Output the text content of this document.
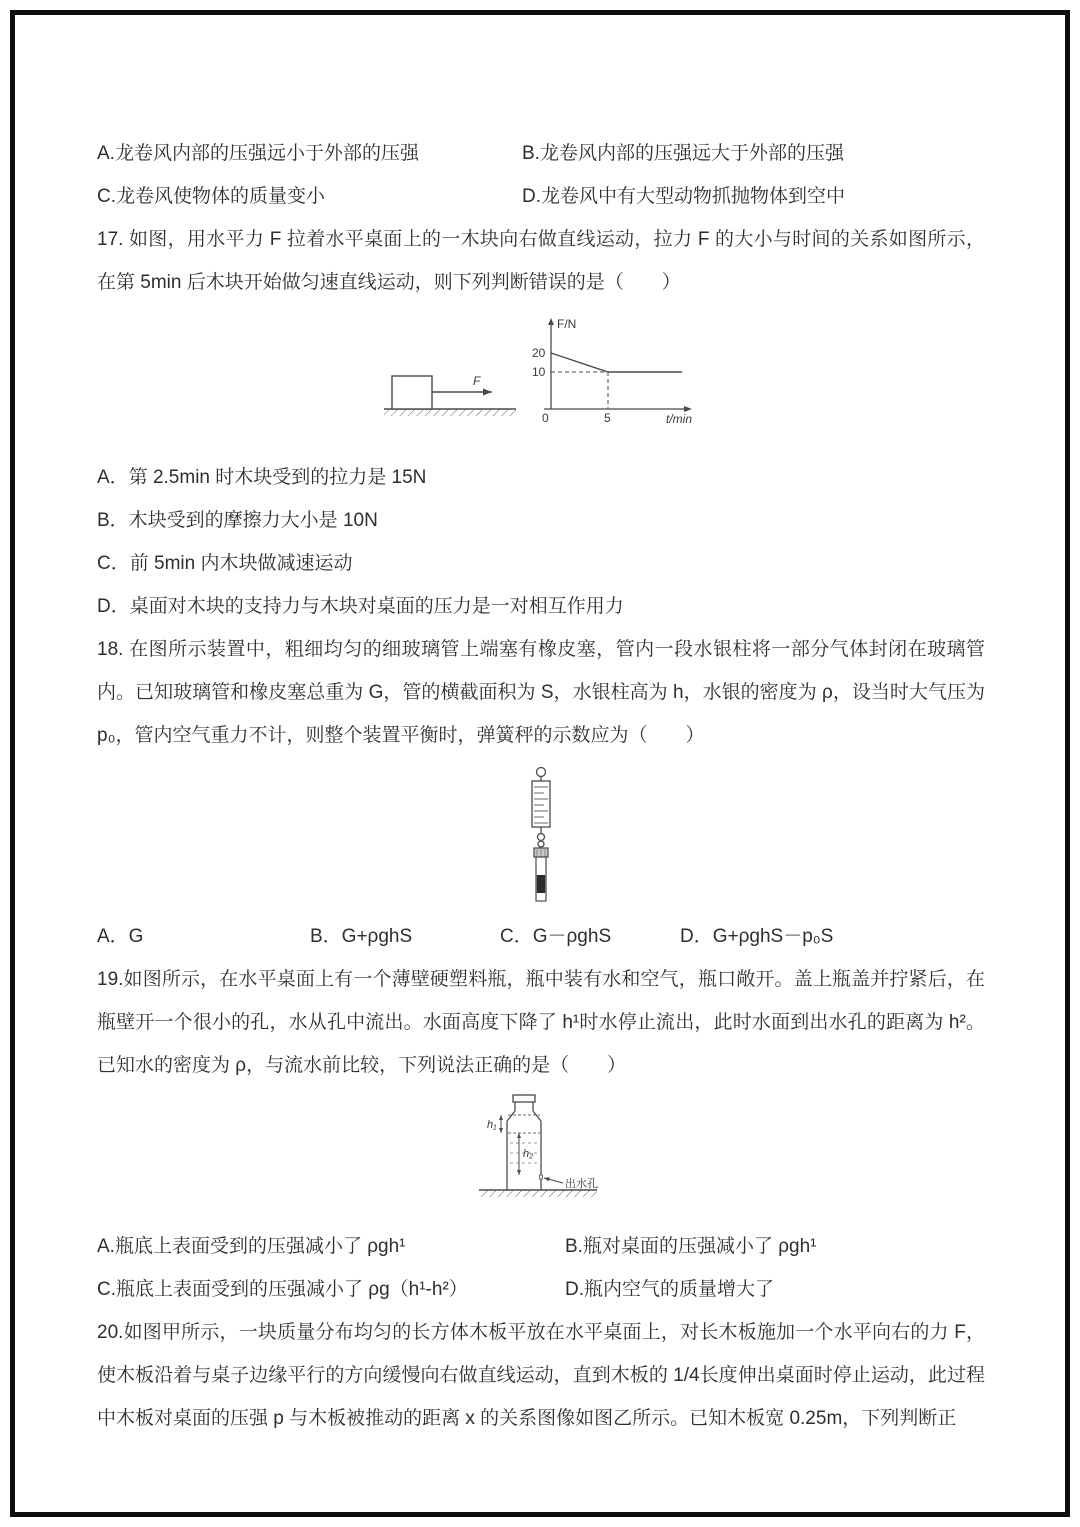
A.龙卷风内部的压强远小于外部的压强	B.龙卷风内部的压强远大于外部的压强

C.龙卷风使物体的质量变小	D.龙卷风中有大型动物抓抛物体到空中

17. 如图，用水平力 F 拉着水平桌面上的一木块向右做直线运动，拉力 F 的大小与时间的关系如图所示，在第 5min 后木块开始做匀速直线运动，则下列判断错误的是（　　）

F
F/N
20
10
0	5	t/min

A．第 2.5min 时木块受到的拉力是 15N

B．木块受到的摩擦力大小是 10N

C．前 5min 内木块做减速运动

D．桌面对木块的支持力与木块对桌面的压力是一对相互作用力

18. 在图所示装置中，粗细均匀的细玻璃管上端塞有橡皮塞，管内一段水银柱将一部分气体封闭在玻璃管内。已知玻璃管和橡皮塞总重为 G，管的横截面积为 S，水银柱高为 h，水银的密度为 ρ，设当时大气压为 p₀，管内空气重力不计，则整个装置平衡时，弹簧秤的示数应为（　　）

A．G	B．G+ρghS	C．G－ρghS	D．G+ρghS－p₀S

19.如图所示，在水平桌面上有一个薄壁硬塑料瓶，瓶中装有水和空气，瓶口敞开。盖上瓶盖并拧紧后，在瓶壁开一个很小的孔，水从孔中流出。水面高度下降了 h¹时水停止流出，此时水面到出水孔的距离为 h²。已知水的密度为 ρ，与流水前比较，下列说法正确的是（　　）

h₁
h₂
出水孔

A.瓶底上表面受到的压强减小了 ρgh¹	B.瓶对桌面的压强减小了 ρgh¹

C.瓶底上表面受到的压强减小了 ρg（h¹-h²）	D.瓶内空气的质量增大了

20.如图甲所示，一块质量分布均匀的长方体木板平放在水平桌面上，对长木板施加一个水平向右的力 F，使木板沿着与桌子边缘平行的方向缓慢向右做直线运动，直到木板的 1/4长度伸出桌面时停止运动，此过程中木板对桌面的压强 p 与木板被推动的距离 x 的关系图像如图乙所示。已知木板宽 0.25m，下列判断正
